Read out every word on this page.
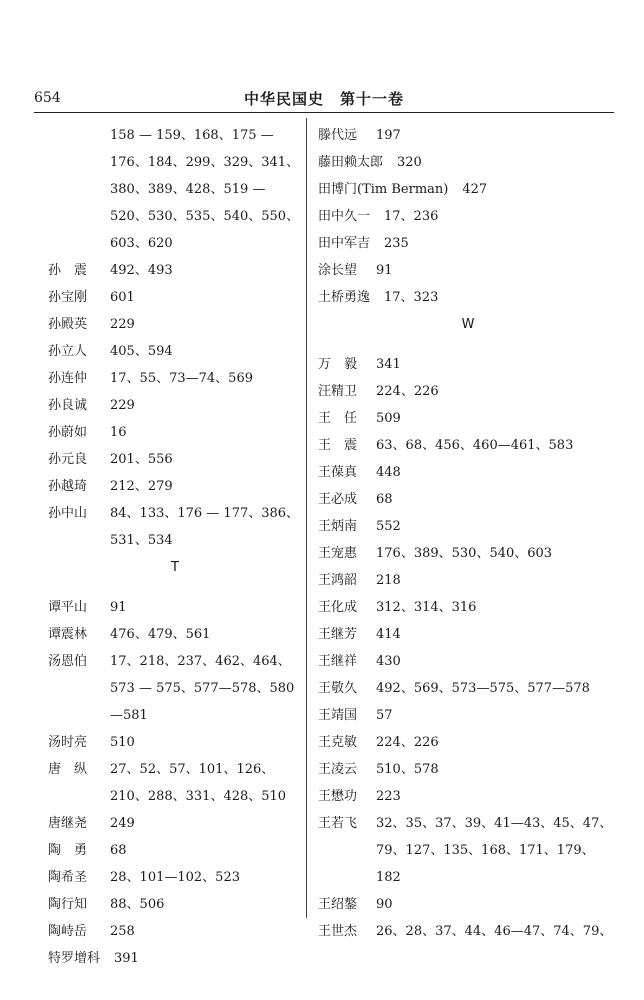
654	中华民国史　第十一卷
158 — 159、168、175 — 176、184、299、329、341、380、389、428、519 — 520、530、535、540、550、603、620
孙　震	492、493
孙宝刚	601
孙殿英	229
孙立人	405、594
孙连仲	17、55、73—74、569
孙良诚	229
孙蔚如	16
孙元良	201、556
孙越琦	212、279
孙中山	84、133、176 — 177、386、531、534
T
谭平山	91
谭震林	476、479、561
汤恩伯	17、218、237、462、464、573 — 575、577—578、580—581
汤时亮	510
唐　纵	27、52、57、101、126、210、288、331、428、510
唐继尧	249
陶　勇	68
陶希圣	28、101—102、523
陶行知	88、506
陶峙岳	258
特罗增科 391
滕代远	197
藤田赖太郎 320
田博门(Tim Berman) 427
田中久一 17、236
田中军吉 235
涂长望	91
土桥勇逸 17、323
W
万　毅	341
汪精卫	224、226
王　任	509
王　震	63、68、456、460—461、583
王葆真	448
王必成	68
王炳南	552
王宠惠	176、389、530、540、603
王鸿韶	218
王化成	312、314、316
王继芳	414
王继祥	430
王敬久	492、569、573—575、577—578
王靖国	57
王克敏	224、226
王凌云	510、578
王懋功	223
王若飞	32、35、37、39、41—43、45、47、79、127、135、168、171、179、182
王绍鏊	90
王世杰	26、28、37、44、46—47、74、79、
